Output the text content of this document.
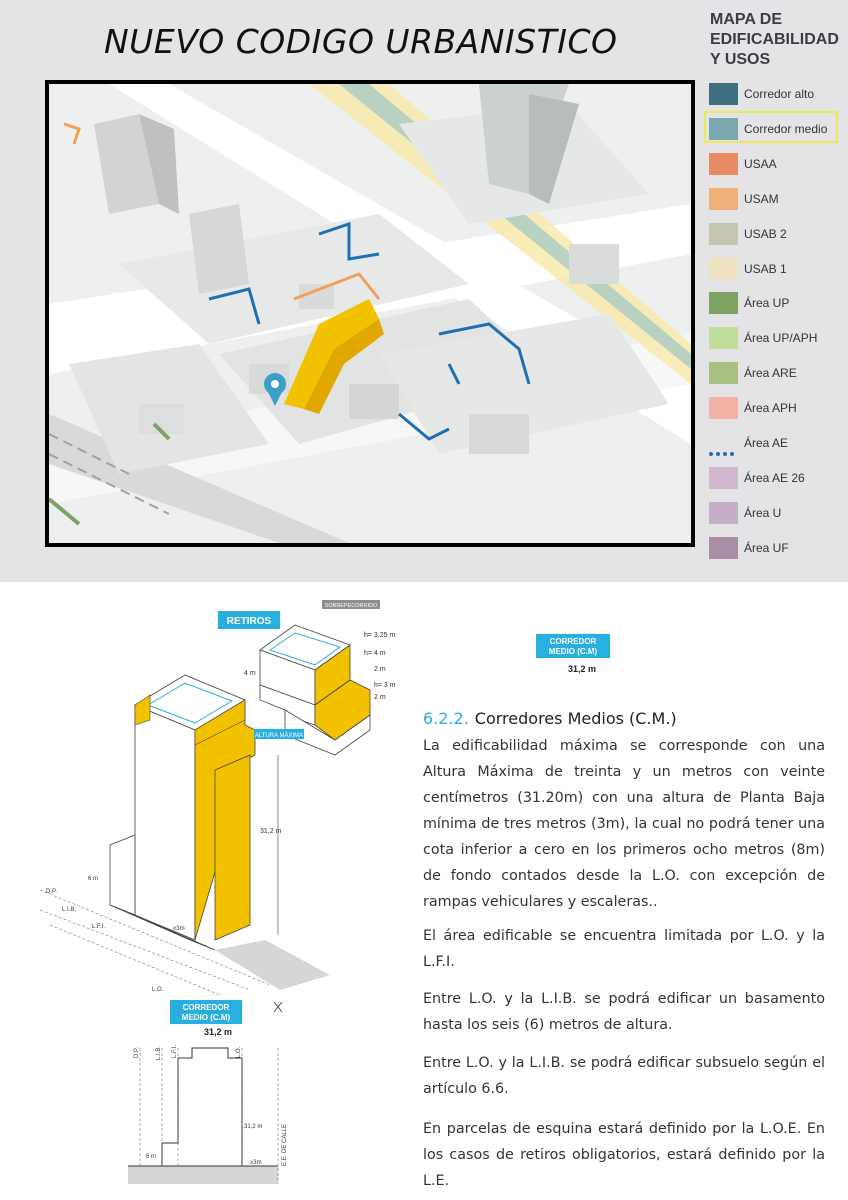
NUEVO CODIGO URBANISTICO
MAPA DE
EDIFICABILIDAD
Y USOS
Corredor alto
Corredor medio
USAA
USAM
USAB 2
USAB 1
Área UP
Área UP/APH
Área ARE
Área APH
Área AE
Área AE 26
Área U
Área UF
RETIROS
SOBREPECORRIDO
h= 3,25 m
h= 4 m
2 m
h= 3 m
2 m
4 m
ALTURA MÁXIMA
31,2 m
D.P.
L.I.B.
L.F.I.
L.O.
6 m
≥3m
CORREDOR
MEDIO (C.M)
31,2 m
CORREDOR
MEDIO (C.M)
31,2 m
D.P.	L.I.B. L.F.I.	L.O.
E.E. DE CALLE
31,2 m
6 m
≥3m
6.2.2. Corredores Medios (C.M.)
La edificabilidad máxima se corresponde con una Altura Máxima de treinta y un metros con veinte centímetros (31.20m) con una altura de Planta Baja mínima de tres metros (3m), la cual no podrá tener una cota inferior a cero en los primeros ocho metros (8m) de fondo contados desde la L.O. con excepción de rampas vehiculares y escaleras..
El área edificable se encuentra limitada por L.O. y la L.F.I.
Entre L.O. y la L.I.B. se podrá edificar un basamento hasta los seis (6) metros de altura.
Entre L.O. y la L.I.B. se podrá edificar subsuelo según el artículo 6.6.
En parcelas de esquina estará definido por la L.O.E. En los casos de retiros obligatorios, estará definido por la L.E.
